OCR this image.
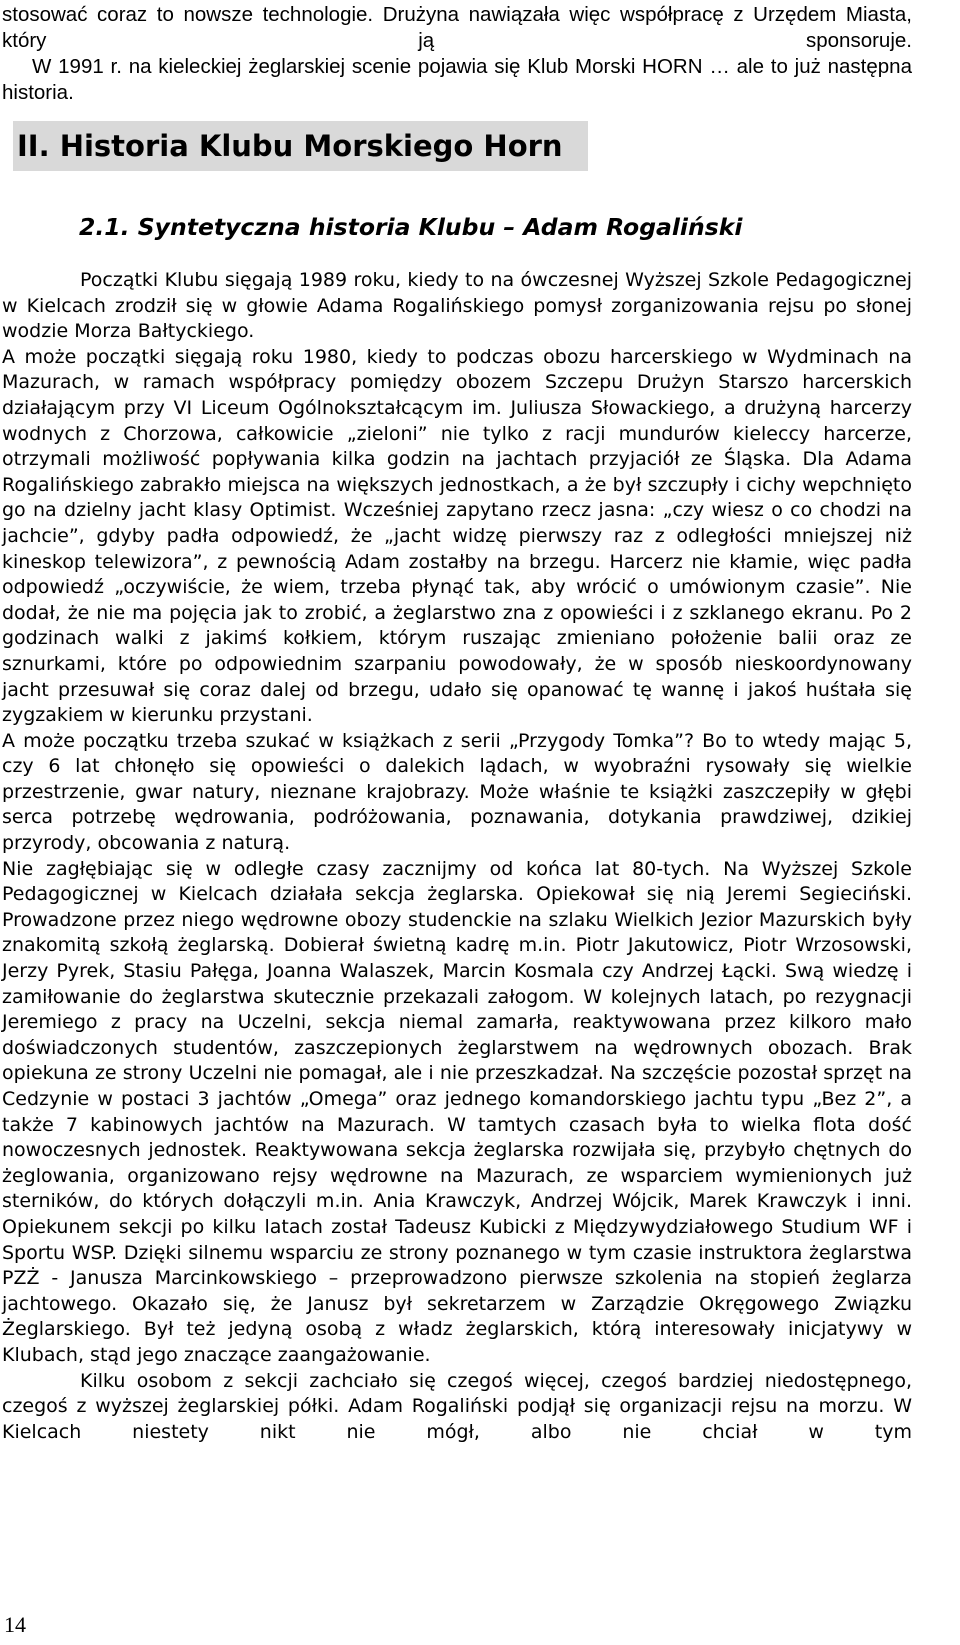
stosować coraz to nowsze technologie. Drużyna nawiązała więc współpracę z Urzędem Miasta, który ją sponsoruje.

W 1991 r. na kieleckiej żeglarskiej scenie pojawia się Klub Morski HORN … ale to już następna historia.

II. Historia Klubu Morskiego Horn
2.1. Syntetyczna historia Klubu – Adam Rogaliński

Początki Klubu sięgają 1989 roku, kiedy to na ówczesnej Wyższej Szkole Pedagogicznej w Kielcach zrodził się w głowie Adama Rogalińskiego pomysł zorganizowania rejsu po słonej wodzie Morza Bałtyckiego.

A może początki sięgają roku 1980, kiedy to podczas obozu harcerskiego w Wydminach na Mazurach, w ramach współpracy pomiędzy obozem Szczepu Drużyn Starszo harcerskich działającym przy VI Liceum Ogólnokształcącym im. Juliusza Słowackiego, a drużyną harcerzy wodnych z Chorzowa, całkowicie „zieloni” nie tylko z racji mundurów kieleccy harcerze, otrzymali możliwość popływania kilka godzin na jachtach przyjaciół ze Śląska. Dla Adama Rogalińskiego zabrakło miejsca na większych jednostkach, a że był szczupły i cichy wepchnięto go na dzielny jacht klasy Optimist. Wcześniej zapytano rzecz jasna: „czy wiesz o co chodzi na jachcie”, gdyby padła odpowiedź, że „jacht widzę pierwszy raz z odległości mniejszej niż kineskop telewizora”, z pewnością Adam zostałby na brzegu. Harcerz nie kłamie, więc padła odpowiedź „oczywiście, że wiem, trzeba płynąć tak, aby wrócić o umówionym czasie”. Nie dodał, że nie ma pojęcia jak to zrobić, a żeglarstwo zna z opowieści i z szklanego ekranu. Po 2 godzinach walki z jakimś kołkiem, którym ruszając zmieniano położenie balii oraz ze sznurkami, które po odpowiednim szarpaniu powodowały, że w sposób nieskoordynowany jacht przesuwał się coraz dalej od brzegu, udało się opanować tę wannę i jakoś huśtała się zygzakiem w kierunku przystani.

A może początku trzeba szukać w książkach z serii „Przygody Tomka”? Bo to wtedy mając 5, czy 6 lat chłonęło się opowieści o dalekich lądach, w wyobraźni rysowały się wielkie przestrzenie, gwar natury, nieznane krajobrazy. Może właśnie te książki zaszczepiły w głębi serca potrzebę wędrowania, podróżowania, poznawania, dotykania prawdziwej, dzikiej przyrody, obcowania z naturą.

Nie zagłębiając się w odległe czasy zacznijmy od końca lat 80-tych. Na Wyższej Szkole Pedagogicznej w Kielcach działała sekcja żeglarska. Opiekował się nią Jeremi Segieciński. Prowadzone przez niego wędrowne obozy studenckie na szlaku Wielkich Jezior Mazurskich były znakomitą szkołą żeglarską. Dobierał świetną kadrę m.in. Piotr Jakutowicz, Piotr Wrzosowski, Jerzy Pyrek, Stasiu Pałęga, Joanna Walaszek, Marcin Kosmala czy Andrzej Łącki. Swą wiedzę i zamiłowanie do żeglarstwa skutecznie przekazali załogom. W kolejnych latach, po rezygnacji Jeremiego z pracy na Uczelni, sekcja niemal zamarła, reaktywowana przez kilkoro mało doświadczonych studentów, zaszczepionych żeglarstwem na wędrownych obozach. Brak opiekuna ze strony Uczelni nie pomagał, ale i nie przeszkadzał. Na szczęście pozostał sprzęt na Cedzynie w postaci 3 jachtów „Omega” oraz jednego komandorskiego jachtu typu „Bez 2”, a także 7 kabinowych jachtów na Mazurach. W tamtych czasach była to wielka flota dość nowoczesnych jednostek. Reaktywowana sekcja żeglarska rozwijała się, przybyło chętnych do żeglowania, organizowano rejsy wędrowne na Mazurach, ze wsparciem wymienionych już sterników, do których dołączyli m.in. Ania Krawczyk, Andrzej Wójcik, Marek Krawczyk i inni. Opiekunem sekcji po kilku latach został Tadeusz Kubicki z Międzywydziałowego Studium WF i Sportu WSP. Dzięki silnemu wsparciu ze strony poznanego w tym czasie instruktora żeglarstwa PZŻ - Janusza Marcinkowskiego – przeprowadzono pierwsze szkolenia na stopień żeglarza jachtowego. Okazało się, że Janusz był sekretarzem w Zarządzie Okręgowego Związku Żeglarskiego. Był też jedyną osobą z władz żeglarskich, którą interesowały inicjatywy w Klubach, stąd jego znaczące zaangażowanie.

Kilku osobom z sekcji zachciało się czegoś więcej, czegoś bardziej niedostępnego, czegoś z wyższej żeglarskiej półki. Adam Rogaliński podjął się organizacji rejsu na morzu. W Kielcach niestety nikt nie mógł, albo nie chciał w tym

14
